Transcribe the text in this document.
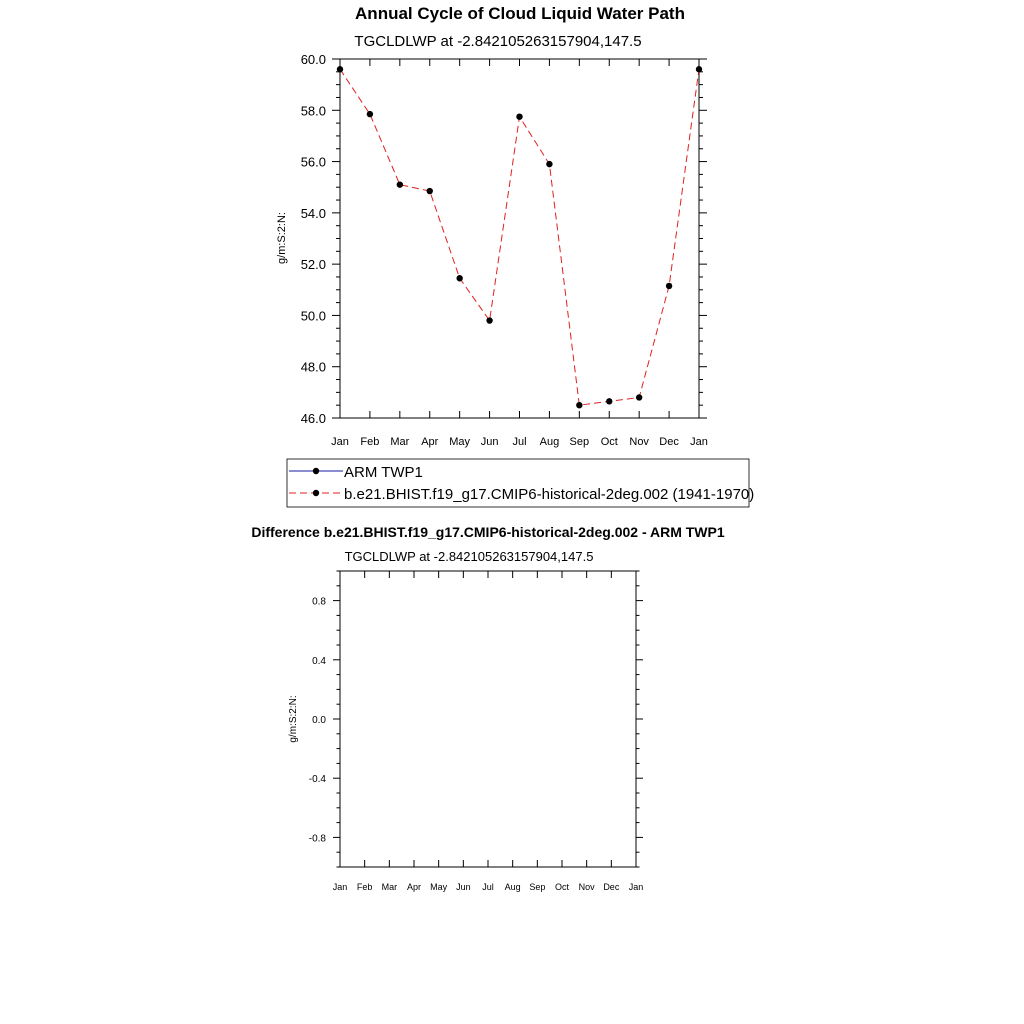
Annual Cycle of Cloud Liquid Water Path
TGCLDLWP at -2.842105263157904,147.5
g/m:S:2:N:
Jan Feb Mar Apr May Jun Jul Aug Sep Oct Nov Dec Jan
46.0
48.0
50.0
52.0
54.0
56.0
58.0
60.0
ARM TWP1
b.e21.BHIST.f19_g17.CMIP6-historical-2deg.002 (1941-1970)
Difference b.e21.BHIST.f19_g17.CMIP6-historical-2deg.002 - ARM TWP1
TGCLDLWP at -2.842105263157904,147.5
g/m:S:2:N:
Jan Feb Mar Apr May Jun Jul Aug Sep Oct Nov Dec Jan
0.8
0.4
0.0
-0.4
-0.8
